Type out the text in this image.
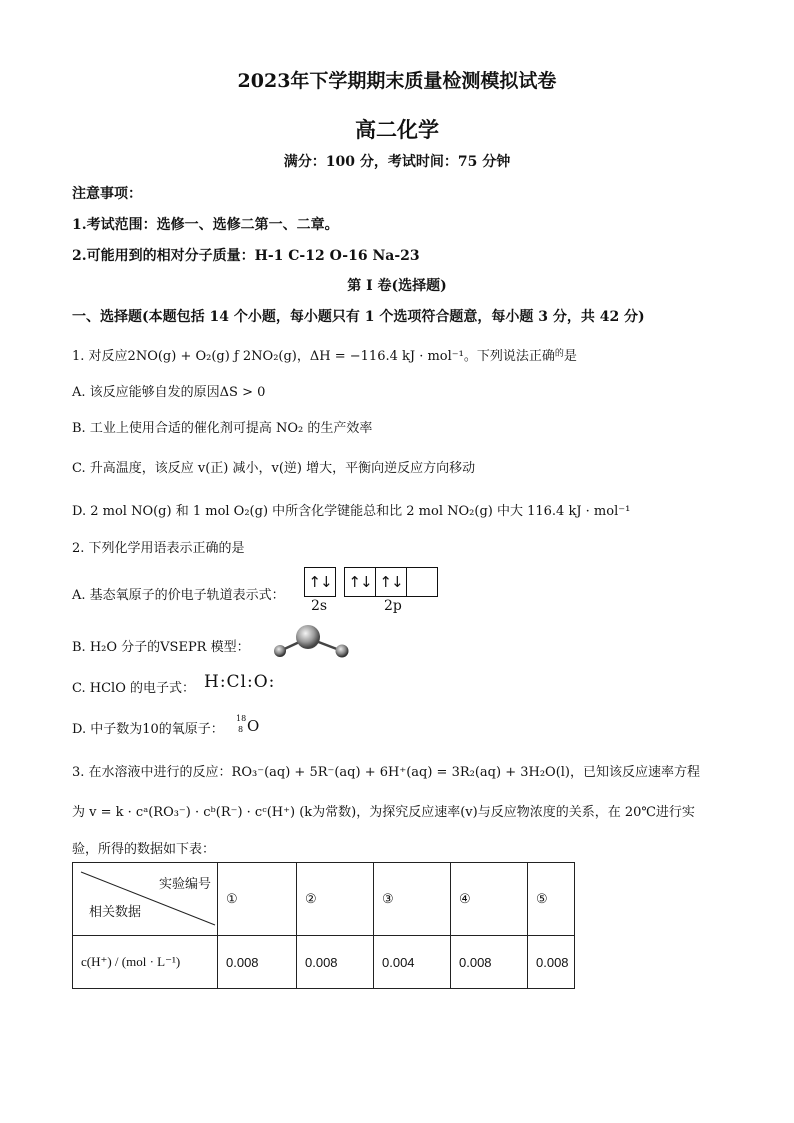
2023年下学期期末质量检测模拟试卷
高二化学
满分：100 分，考试时间：75 分钟
注意事项：
1.考试范围：选修一、选修二第一、二章。
2.可能用到的相对分子质量：H-1 C-12 O-16 Na-23
第 I 卷(选择题)
一、选择题(本题包括 14 个小题，每小题只有 1 个选项符合题意，每小题 3 分，共 42 分)
1. 对反应2NO(g) + O₂(g) ƒ 2NO₂(g)，ΔH = −116.4 kJ · mol⁻¹。下列说法正确$^的$是
A. 该反应能够自发的原因ΔS > 0
B. 工业上使用合适的催化剂可提高 NO₂ 的生产效率
C. 升高温度，该反应 v(正) 减小，v(逆) 增大，平衡向逆反应方向移动
D. 2 mol NO(g) 和 1 mol O₂(g) 中所含化学键能总和比 2 mol NO₂(g) 中大 116.4 kJ · mol⁻¹
2. 下列化学用语表示正确的是
A. 基态氧原子的价电子轨道表示式：
↑↓ ↑↓ ↑↓
2s	2p
B. H₂O 分子的VSEPR 模型：
C. HClO 的电子式： H:Cl:O:
D. 中子数为10的氧原子：
18
8 O
3. 在水溶液中进行的反应：RO₃⁻(aq) + 5R⁻(aq) + 6H⁺(aq) = 3R₂(aq) + 3H₂O(l)，已知该反应速率方程
为 v = k · cᵃ(RO₃⁻) · cᵇ(R⁻) · cᶜ(H⁺) (k为常数)，为探究反应速率(v)与反应物浓度的关系，在 20℃进行实
验，所得的数据如下表：
实验编号
相关数据	①	②	③	④	⑤
c(H⁺) / (mol · L⁻¹)	0.008	0.008	0.004	0.008	0.008
